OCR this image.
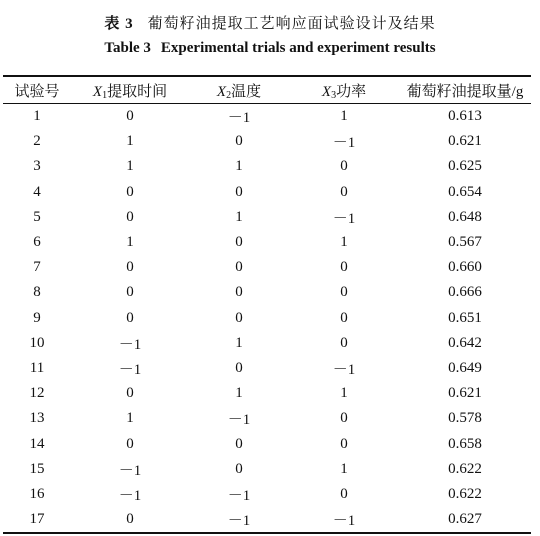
表 3 葡萄籽油提取工艺响应面试验设计及结果
Table 3 Experimental trials and experiment results
试验号	$X_1$提取时间	$X_2$温度	$X_3$功率	葡萄籽油提取量/g
1	0	－1	1	0.613
2	1	0	－1	0.621
3	1	1	0	0.625
4	0	0	0	0.654
5	0	1	－1	0.648
6	1	0	1	0.567
7	0	0	0	0.660
8	0	0	0	0.666
9	0	0	0	0.651
10	－1	1	0	0.642
11	－1	0	－1	0.649
12	0	1	1	0.621
13	1	－1	0	0.578
14	0	0	0	0.658
15	－1	0	1	0.622
16	－1	－1	0	0.622
17	0	－1	－1	0.627
